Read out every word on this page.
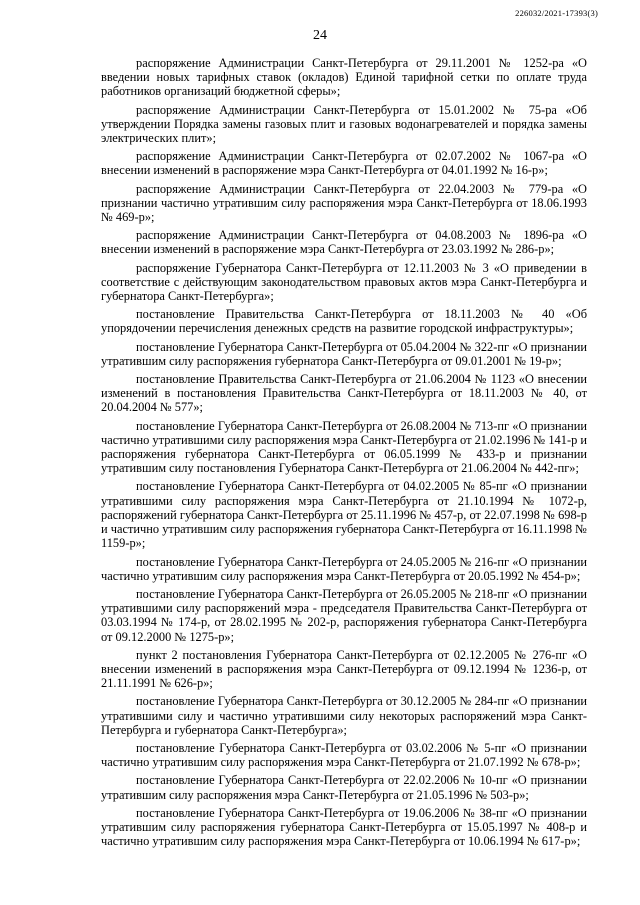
226032/2021-17393(3)
24

распоряжение Администрации Санкт-Петербурга от 29.11.2001 № 1252-ра «О введении новых тарифных ставок (окладов) Единой тарифной сетки по оплате труда работников организаций бюджетной сферы»;

распоряжение Администрации Санкт-Петербурга от 15.01.2002 № 75-ра «Об утверждении Порядка замены газовых плит и газовых водонагревателей и порядка замены электрических плит»;

распоряжение Администрации Санкт-Петербурга от 02.07.2002 № 1067-ра «О внесении изменений в распоряжение мэра Санкт-Петербурга от 04.01.1992 № 16-р»;

распоряжение Администрации Санкт-Петербурга от 22.04.2003 № 779-ра «О признании частично утратившим силу распоряжения мэра Санкт-Петербурга от 18.06.1993 № 469-р»;

распоряжение Администрации Санкт-Петербурга от 04.08.2003 № 1896-ра «О внесении изменений в распоряжение мэра Санкт-Петербурга от 23.03.1992 № 286-р»;

распоряжение Губернатора Санкт-Петербурга от 12.11.2003 № 3 «О приведении в соответствие с действующим законодательством правовых актов мэра Санкт-Петербурга и губернатора Санкт-Петербурга»;

постановление Правительства Санкт-Петербурга от 18.11.2003 № 40 «Об упорядочении перечисления денежных средств на развитие городской инфраструктуры»;

постановление Губернатора Санкт-Петербурга от 05.04.2004 № 322-пг «О признании утратившим силу распоряжения губернатора Санкт-Петербурга от 09.01.2001 № 19-р»;

постановление Правительства Санкт-Петербурга от 21.06.2004 № 1123 «О внесении изменений в постановления Правительства Санкт-Петербурга от 18.11.2003 № 40, от 20.04.2004 № 577»;

постановление Губернатора Санкт-Петербурга от 26.08.2004 № 713-пг «О признании частично утратившими силу распоряжения мэра Санкт-Петербурга от 21.02.1996 № 141-р и распоряжения губернатора Санкт-Петербурга от 06.05.1999 № 433-р и признании утратившим силу постановления Губернатора Санкт-Петербурга от 21.06.2004 № 442-пг»;

постановление Губернатора Санкт-Петербурга от 04.02.2005 № 85-пг «О признании утратившими силу распоряжения мэра Санкт-Петербурга от 21.10.1994 № 1072-р, распоряжений губернатора Санкт-Петербурга от 25.11.1996 № 457-р, от 22.07.1998 № 698-р и частично утратившим силу распоряжения губернатора Санкт-Петербурга от 16.11.1998 № 1159-р»;

постановление Губернатора Санкт-Петербурга от 24.05.2005 № 216-пг «О признании частично утратившим силу распоряжения мэра Санкт-Петербурга от 20.05.1992 № 454-р»;

постановление Губернатора Санкт-Петербурга от 26.05.2005 № 218-пг «О признании утратившими силу распоряжений мэра - председателя Правительства Санкт-Петербурга от 03.03.1994 № 174-р, от 28.02.1995 № 202-р, распоряжения губернатора Санкт-Петербурга от 09.12.2000 № 1275-р»;

пункт 2 постановления Губернатора Санкт-Петербурга от 02.12.2005 № 276-пг «О внесении изменений в распоряжения мэра Санкт-Петербурга от 09.12.1994 № 1236-р, от 21.11.1991 № 626-р»;

постановление Губернатора Санкт-Петербурга от 30.12.2005 № 284-пг «О признании утратившими силу и частично утратившими силу некоторых распоряжений мэра Санкт-Петербурга и губернатора Санкт-Петербурга»;

постановление Губернатора Санкт-Петербурга от 03.02.2006 № 5-пг «О признании частично утратившим силу распоряжения мэра Санкт-Петербурга от 21.07.1992 № 678-р»;

постановление Губернатора Санкт-Петербурга от 22.02.2006 № 10-пг «О признании утратившим силу распоряжения мэра Санкт-Петербурга от 21.05.1996 № 503-р»;

постановление Губернатора Санкт-Петербурга от 19.06.2006 № 38-пг «О признании утратившим силу распоряжения губернатора Санкт-Петербурга от 15.05.1997 № 408-р и частично утратившим силу распоряжения мэра Санкт-Петербурга от 10.06.1994 № 617-р»;
